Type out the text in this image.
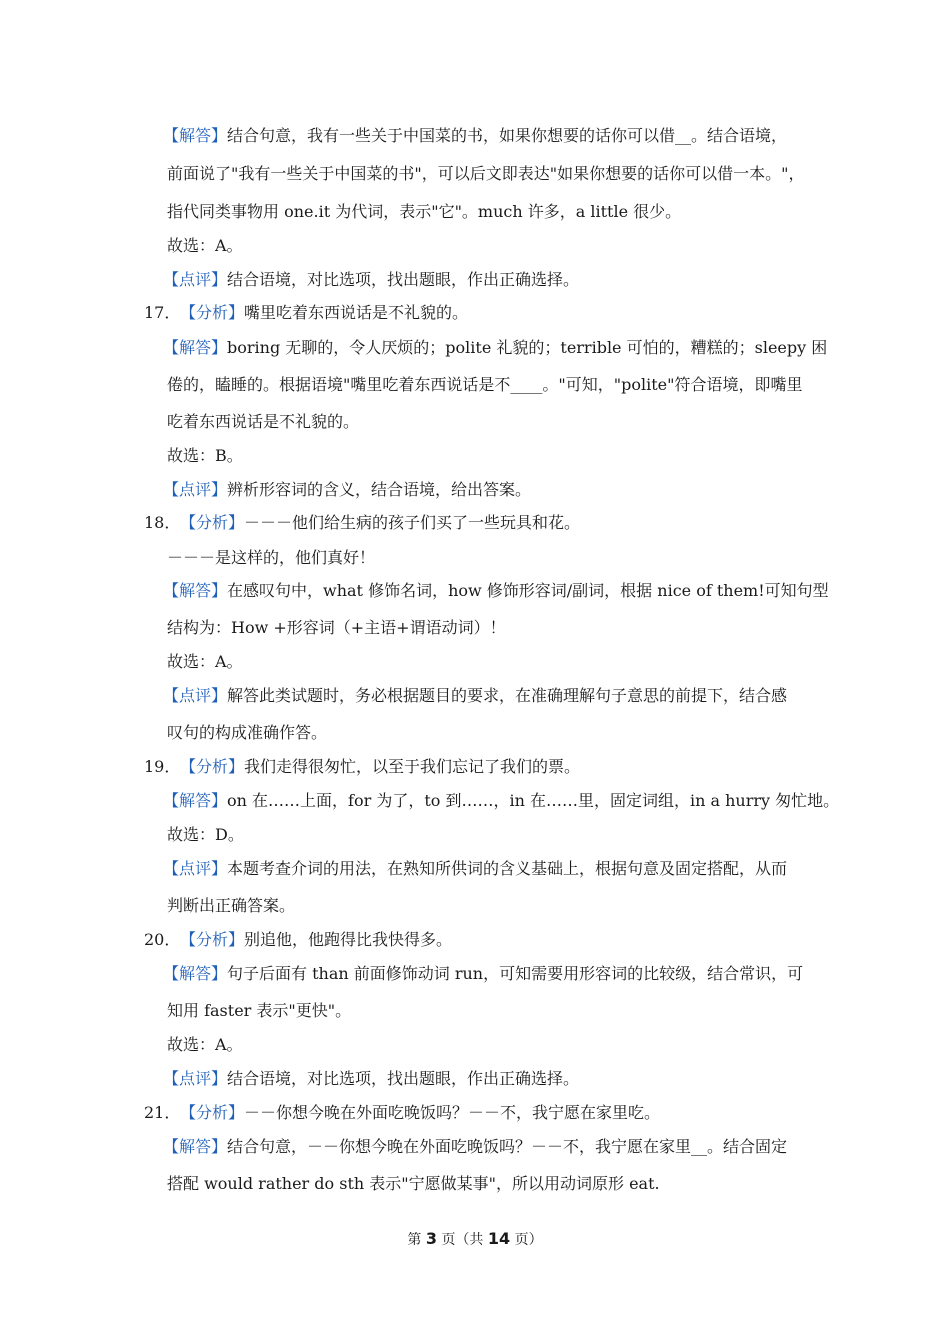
【解答】结合句意，我有一些关于中国菜的书，如果你想要的话你可以借__。结合语境，
前面说了"我有一些关于中国菜的书"，可以后文即表达"如果你想要的话你可以借一本。"，
指代同类事物用 one.it 为代词，表示"它"。much 许多，a little 很少。
故选：A。
【点评】结合语境，对比选项，找出题眼，作出正确选择。
17．【分析】嘴里吃着东西说话是不礼貌的。
【解答】boring 无聊的，令人厌烦的；polite 礼貌的；terrible 可怕的，糟糕的；sleepy 困
倦的，瞌睡的。根据语境"嘴里吃着东西说话是不____。"可知，"polite"符合语境，即嘴里
吃着东西说话是不礼貌的。
故选：B。
【点评】辨析形容词的含义，结合语境，给出答案。
18．【分析】－－－他们给生病的孩子们买了一些玩具和花。
－－－是这样的，他们真好！
【解答】在感叹句中，what 修饰名词，how 修饰形容词/副词，根据 nice of them!可知句型
结构为：How +形容词（+主语+谓语动词）！
故选：A。
【点评】解答此类试题时，务必根据题目的要求，在准确理解句子意思的前提下，结合感
叹句的构成准确作答。
19．【分析】我们走得很匆忙，以至于我们忘记了我们的票。
【解答】on 在……上面，for 为了，to 到……，in 在……里，固定词组，in a hurry 匆忙地。
故选：D。
【点评】本题考查介词的用法，在熟知所供词的含义基础上，根据句意及固定搭配，从而
判断出正确答案。
20．【分析】别追他，他跑得比我快得多。
【解答】句子后面有 than 前面修饰动词 run，可知需要用形容词的比较级，结合常识，可
知用 faster 表示"更快"。
故选：A。
【点评】结合语境，对比选项，找出题眼，作出正确选择。
21．【分析】－－你想今晚在外面吃晚饭吗？－－不，我宁愿在家里吃。
【解答】结合句意，－－你想今晚在外面吃晚饭吗？－－不，我宁愿在家里__。结合固定
搭配 would rather do sth 表示"宁愿做某事"，所以用动词原形 eat.
第 3 页（共 14 页）
